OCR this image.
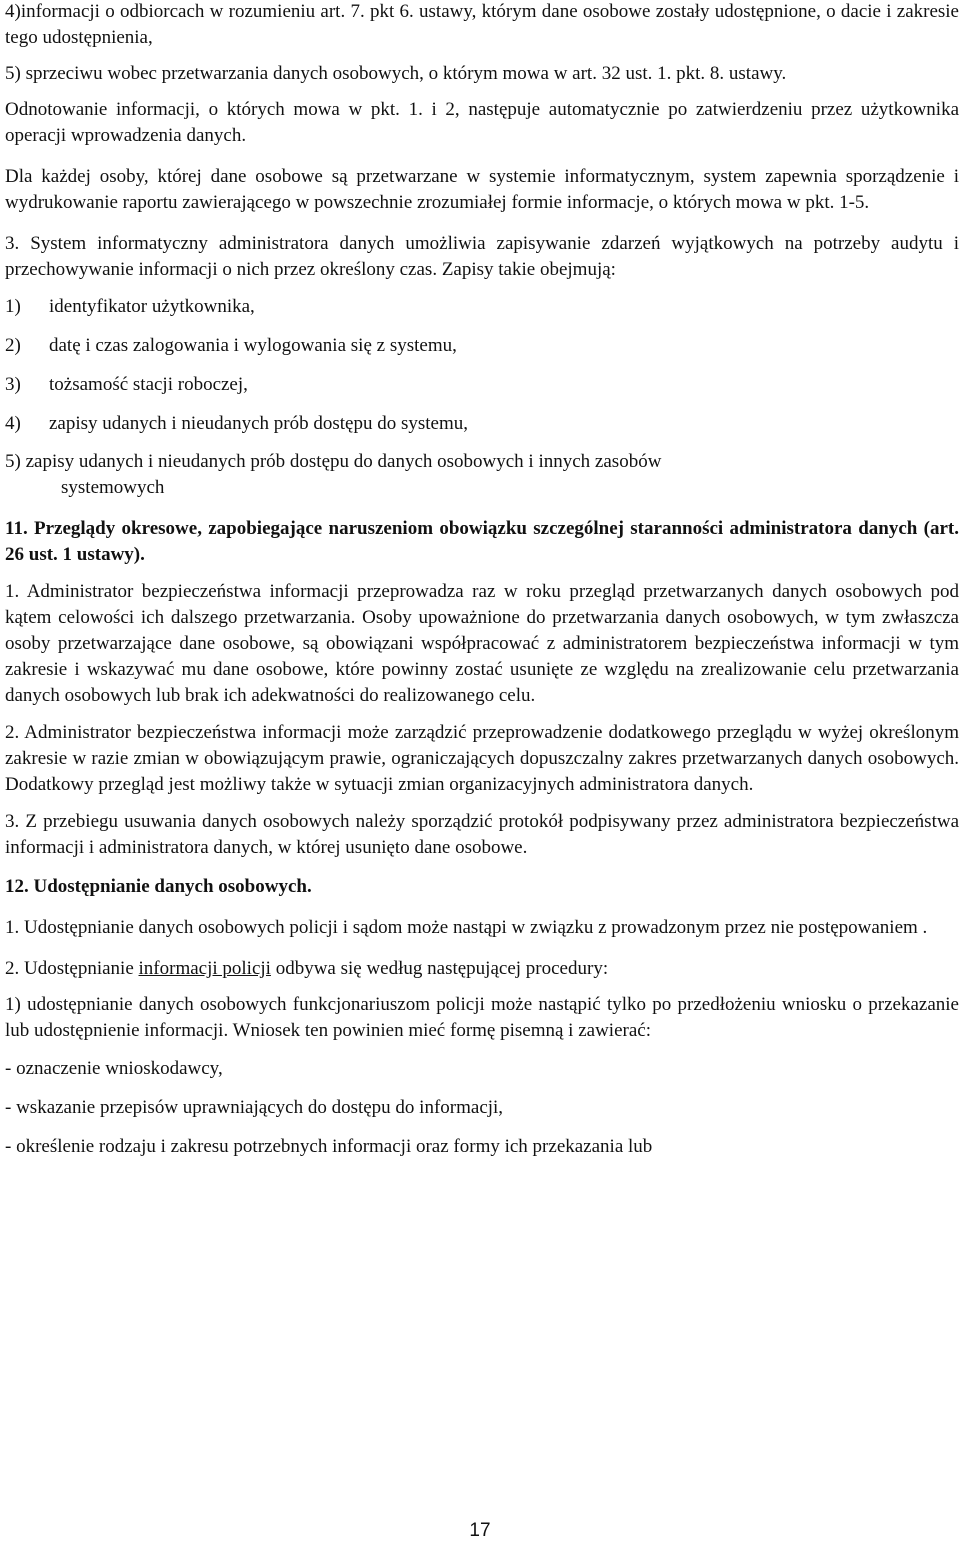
4)informacji o odbiorcach w rozumieniu art. 7. pkt 6. ustawy, którym dane osobowe zostały udostępnione, o dacie i zakresie tego udostępnienia,

5) sprzeciwu wobec przetwarzania danych osobowych, o którym mowa w art. 32 ust. 1. pkt. 8. ustawy.

Odnotowanie informacji, o których mowa w pkt. 1. i 2, następuje automatycznie po zatwierdzeniu przez użytkownika operacji wprowadzenia danych.

Dla każdej osoby, której dane osobowe są przetwarzane w systemie informatycznym, system zapewnia sporządzenie i wydrukowanie raportu zawierającego w powszechnie zrozumiałej formie informacje, o których mowa w pkt. 1-5.

3. System informatyczny administratora danych umożliwia zapisywanie zdarzeń wyjątkowych na potrzeby audytu i przechowywanie informacji o nich przez określony czas. Zapisy takie obejmują:

1) identyfikator użytkownika,

2) datę i czas zalogowania i wylogowania się z systemu,

3) tożsamość stacji roboczej,

4) zapisy udanych i nieudanych prób dostępu do systemu,

5) zapisy udanych i nieudanych prób dostępu do danych osobowych i innych zasobów
systemowych

11. Przeglądy okresowe, zapobiegające naruszeniom obowiązku szczególnej staranności administratora danych (art. 26 ust. 1 ustawy).

1. Administrator bezpieczeństwa informacji przeprowadza raz w roku przegląd przetwarzanych danych osobowych pod kątem celowości ich dalszego przetwarzania. Osoby upoważnione do przetwarzania danych osobowych, w tym zwłaszcza osoby przetwarzające dane osobowe, są obowiązani współpracować z administratorem bezpieczeństwa informacji w tym zakresie i wskazywać mu dane osobowe, które powinny zostać usunięte ze względu na zrealizowanie celu przetwarzania danych osobowych lub brak ich adekwatności do realizowanego celu.

2. Administrator bezpieczeństwa informacji może zarządzić przeprowadzenie dodatkowego przeglądu w wyżej określonym zakresie w razie zmian w obowiązującym prawie, ograniczających dopuszczalny zakres przetwarzanych danych osobowych. Dodatkowy przegląd jest możliwy także w sytuacji zmian organizacyjnych administratora danych.

3. Z przebiegu usuwania danych osobowych należy sporządzić protokół podpisywany przez administratora bezpieczeństwa informacji i administratora danych, w której usunięto dane osobowe.

12. Udostępnianie danych osobowych.

1. Udostępnianie danych osobowych policji i sądom może nastąpi w związku z prowadzonym przez nie postępowaniem .

2. Udostępnianie informacji policji odbywa się według następującej procedury:

1) udostępnianie danych osobowych funkcjonariuszom policji może nastąpić tylko po przedłożeniu wniosku o przekazanie lub udostępnienie informacji. Wniosek ten powinien mieć formę pisemną i zawierać:

- oznaczenie wnioskodawcy,

- wskazanie przepisów uprawniających do dostępu do informacji,

- określenie rodzaju i zakresu potrzebnych informacji oraz formy ich przekazania lub

17
